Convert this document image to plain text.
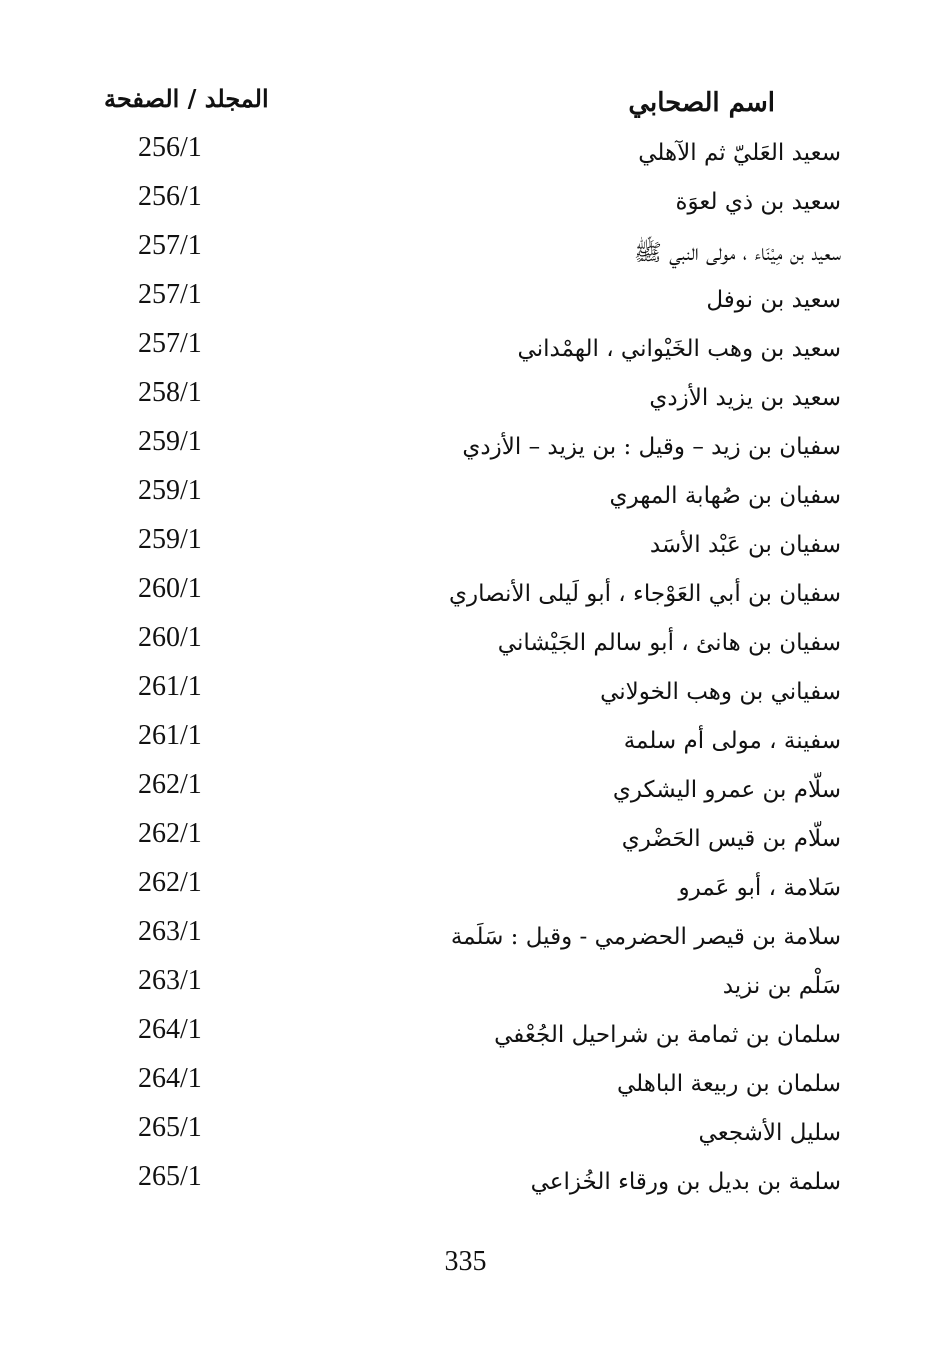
اسم الصحابي
المجلد / الصفحة
سعيد العَليّ ثم الآهلي
256/1
سعيد بن ذي لعوَة
256/1
سعيد بن مِيْنَاء ، مولى النبي ﷺ
257/1
سعيد بن نوفل
257/1
سعيد بن وهب الخَيْواني ، الهمْداني
257/1
سعيد بن يزيد الأزدي
258/1
سفيان بن زيد – وقيل : بن يزيد – الأزدي
259/1
سفيان بن صُهابة المهري
259/1
سفيان بن عَبْد الأسَد
259/1
سفيان بن أبي العَوْجاء ، أبو لَيلى الأنصاري
260/1
سفيان بن هانئ ، أبو سالم الجَيْشاني
260/1
سفياني بن وهب الخولاني
261/1
سفينة ، مولى أم سلمة
261/1
سلّام بن عمرو اليشكري
262/1
سلّام بن قيس الحَضْري
262/1
سَلامة ، أبو عَمرو
262/1
سلامة بن قيصر الحضرمي - وقيل : سَلَمة
263/1
سَلْم بن نزيد
263/1
سلمان بن ثمامة بن شراحيل الجُعْفي
264/1
سلمان بن ربيعة الباهلي
264/1
سليل الأشجعي
265/1
سلمة بن بديل بن ورقاء الخُزاعي
265/1
335
